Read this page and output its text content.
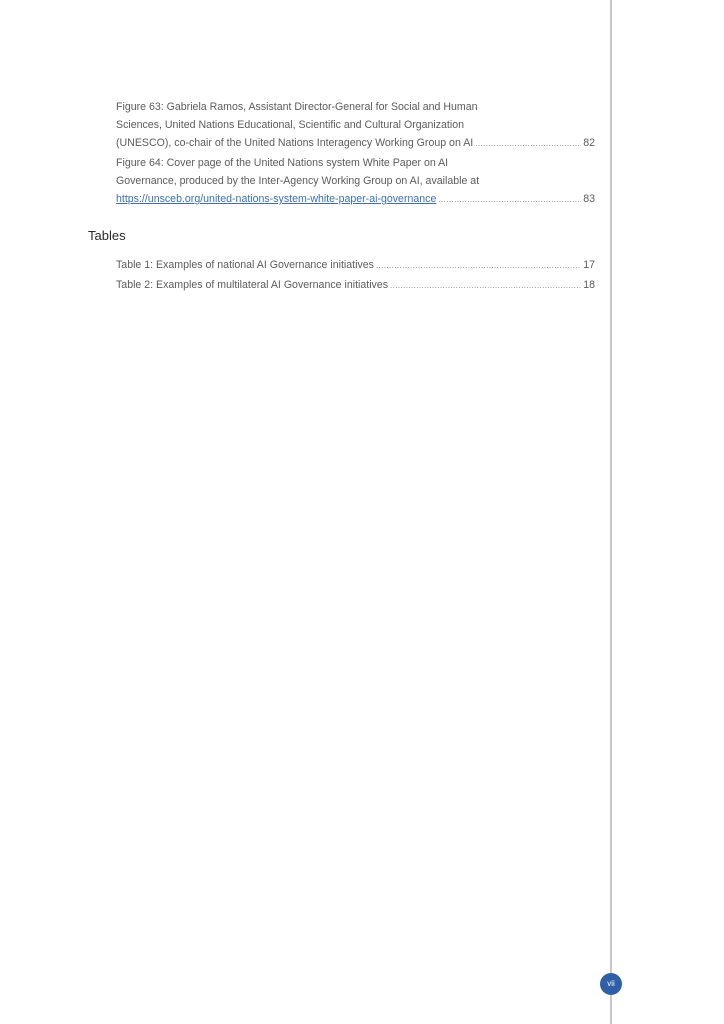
Figure 63: Gabriela Ramos, Assistant Director-General for Social and Human
Sciences, United Nations Educational, Scientific and Cultural Organization
(UNESCO), co-chair of the United Nations Interagency Working Group on AI .....	82
Figure 64: Cover page of the United Nations system White Paper on AI
Governance, produced by the Inter-Agency Working Group on AI, available at
https://unsceb.org/united-nations-system-white-paper-ai-governance .....	83
Tables
Table 1: Examples of national AI Governance initiatives .....	17
Table 2: Examples of multilateral AI Governance initiatives .....	18
vii
